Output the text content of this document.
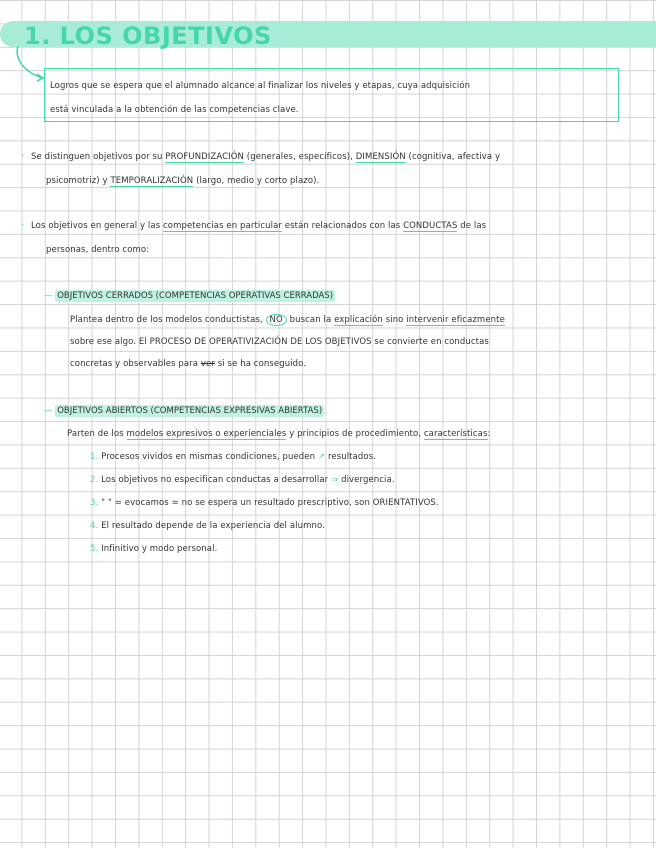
1. LOS OBJETIVOS
Logros que se espera que el alumnado alcance al finalizar los niveles y etapas, cuya adquisición
está vinculada a la obtención de las competencias clave.
· Se distinguen objetivos por su PROFUNDIZACIÓN (generales, específicos), DIMENSIÓN (cognitiva, afectiva y
psicomotriz) y TEMPORALIZACIÓN (largo, medio y corto plazo).
· Los objetivos en general y las competencias en particular están relacionados con las CONDUCTAS de las
personas, dentro como:
— OBJETIVOS CERRADOS (COMPETENCIAS OPERATIVAS CERRADAS)
Plantea dentro de los modelos conductistas, NO buscan la explicación sino intervenir eficazmente
sobre ese algo. El PROCESO DE OPERATIVIZACIÓN DE LOS OBJETIVOS se convierte en conductas
concretas y observables para ver si se ha conseguido.
— OBJETIVOS ABIERTOS (COMPETENCIAS EXPRESIVAS ABIERTAS)
Parten de los modelos expresivos o experienciales y principios de procedimiento, características:
1. Procesos vividos en mismas condiciones, pueden ↗ resultados.
2. Los objetivos no especifican conductas a desarrollar ⇒ divergencia.
3. " " = evocamos = no se espera un resultado prescriptivo, son ORIENTATIVOS.
4. El resultado depende de la experiencia del alumno.
5. Infinitivo y modo personal.
